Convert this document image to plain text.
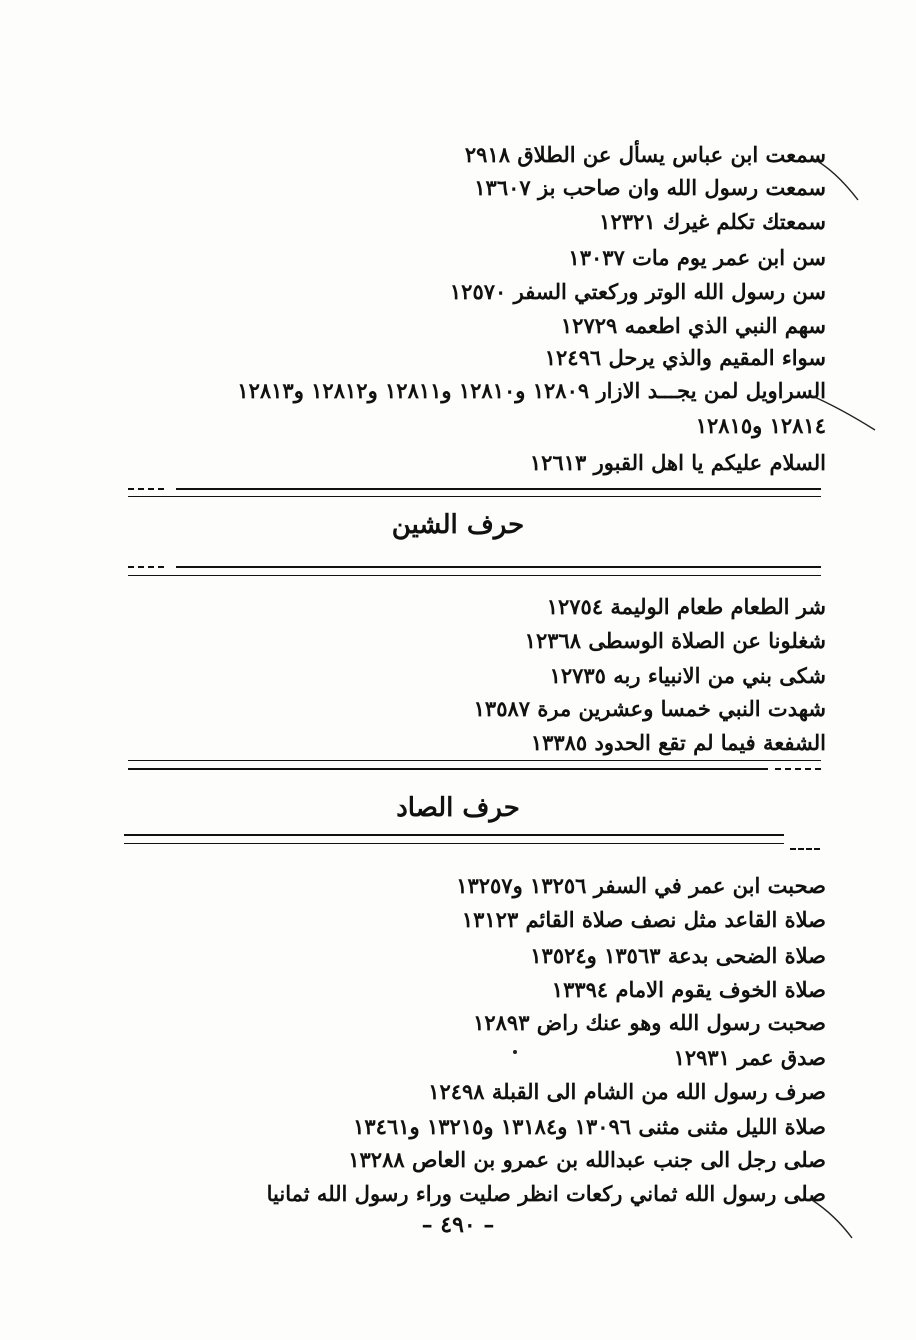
سمعت ابن عباس يسأل عن الطلاق ٢٩١٨
سمعت رسول الله وان صاحب بز ١٣٦٠٧
سمعتك تكلم غيرك ١٢٣٢١
سن ابن عمر يوم مات ١٣٠٣٧
سن رسول الله الوتر وركعتي السفر ١٢٥٧٠
سهم النبي الذي اطعمه ١٢٧٢٩
سواء المقيم والذي يرحل ١٢٤٩٦
السراويل لمن يجـــد الازار ١٢٨٠٩ و١٢٨١٠ و١٢٨١١ و١٢٨١٢ و١٢٨١٣
١٢٨١٤ و١٢٨١٥
السلام عليكم يا اهل القبور ١٢٦١٣
حرف الشين
شر الطعام طعام الوليمة ١٢٧٥٤
شغلونا عن الصلاة الوسطى ١٢٣٦٨
شكى بني من الانبياء ربه ١٢٧٣٥
شهدت النبي خمسا وعشرين مرة ١٣٥٨٧
الشفعة فيما لم تقع الحدود ١٣٣٨٥
حرف الصاد
صحبت ابن عمر في السفر ١٣٢٥٦ و١٣٢٥٧
صلاة القاعد مثل نصف صلاة القائم ١٣١٢٣
صلاة الضحى بدعة ١٣٥٦٣ و١٣٥٢٤
صلاة الخوف يقوم الامام ١٣٣٩٤
صحبت رسول الله وهو عنك راض ١٢٨٩٣
صدق عمر ١٢٩٣١
صرف رسول الله من الشام الى القبلة ١٢٤٩٨
صلاة الليل مثنى مثنى ١٣٠٩٦ و١٣١٨٤ و١٣٢١٥ و١٣٤٦١
صلى رجل الى جنب عبدالله بن عمرو بن العاص ١٣٢٨٨
صلى رسول الله ثماني ركعات انظر صليت وراء رسول الله ثمانيا
– ٤٩٠ –
